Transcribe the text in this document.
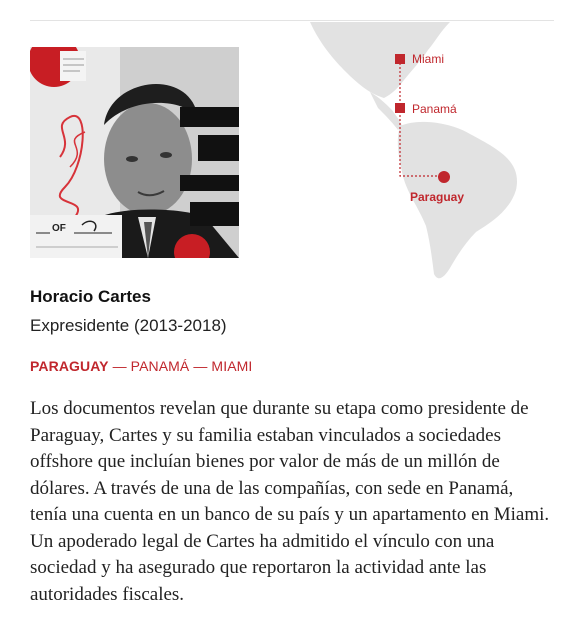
OF
Miami
Panamá
Paraguay
Horacio Cartes
Expresidente (2013-2018)
PARAGUAY — PANAMÁ — MIAMI

Los documentos revelan que durante su etapa como presidente de Paraguay, Cartes y su familia estaban vinculados a sociedades offshore que incluían bienes por valor de más de un millón de dólares. A través de una de las compañías, con sede en Panamá, tenía una cuenta en un banco de su país y un apartamento en Miami. Un apoderado legal de Cartes ha admitido el vínculo con una sociedad y ha asegurado que reportaron la actividad ante las autoridades fiscales.
